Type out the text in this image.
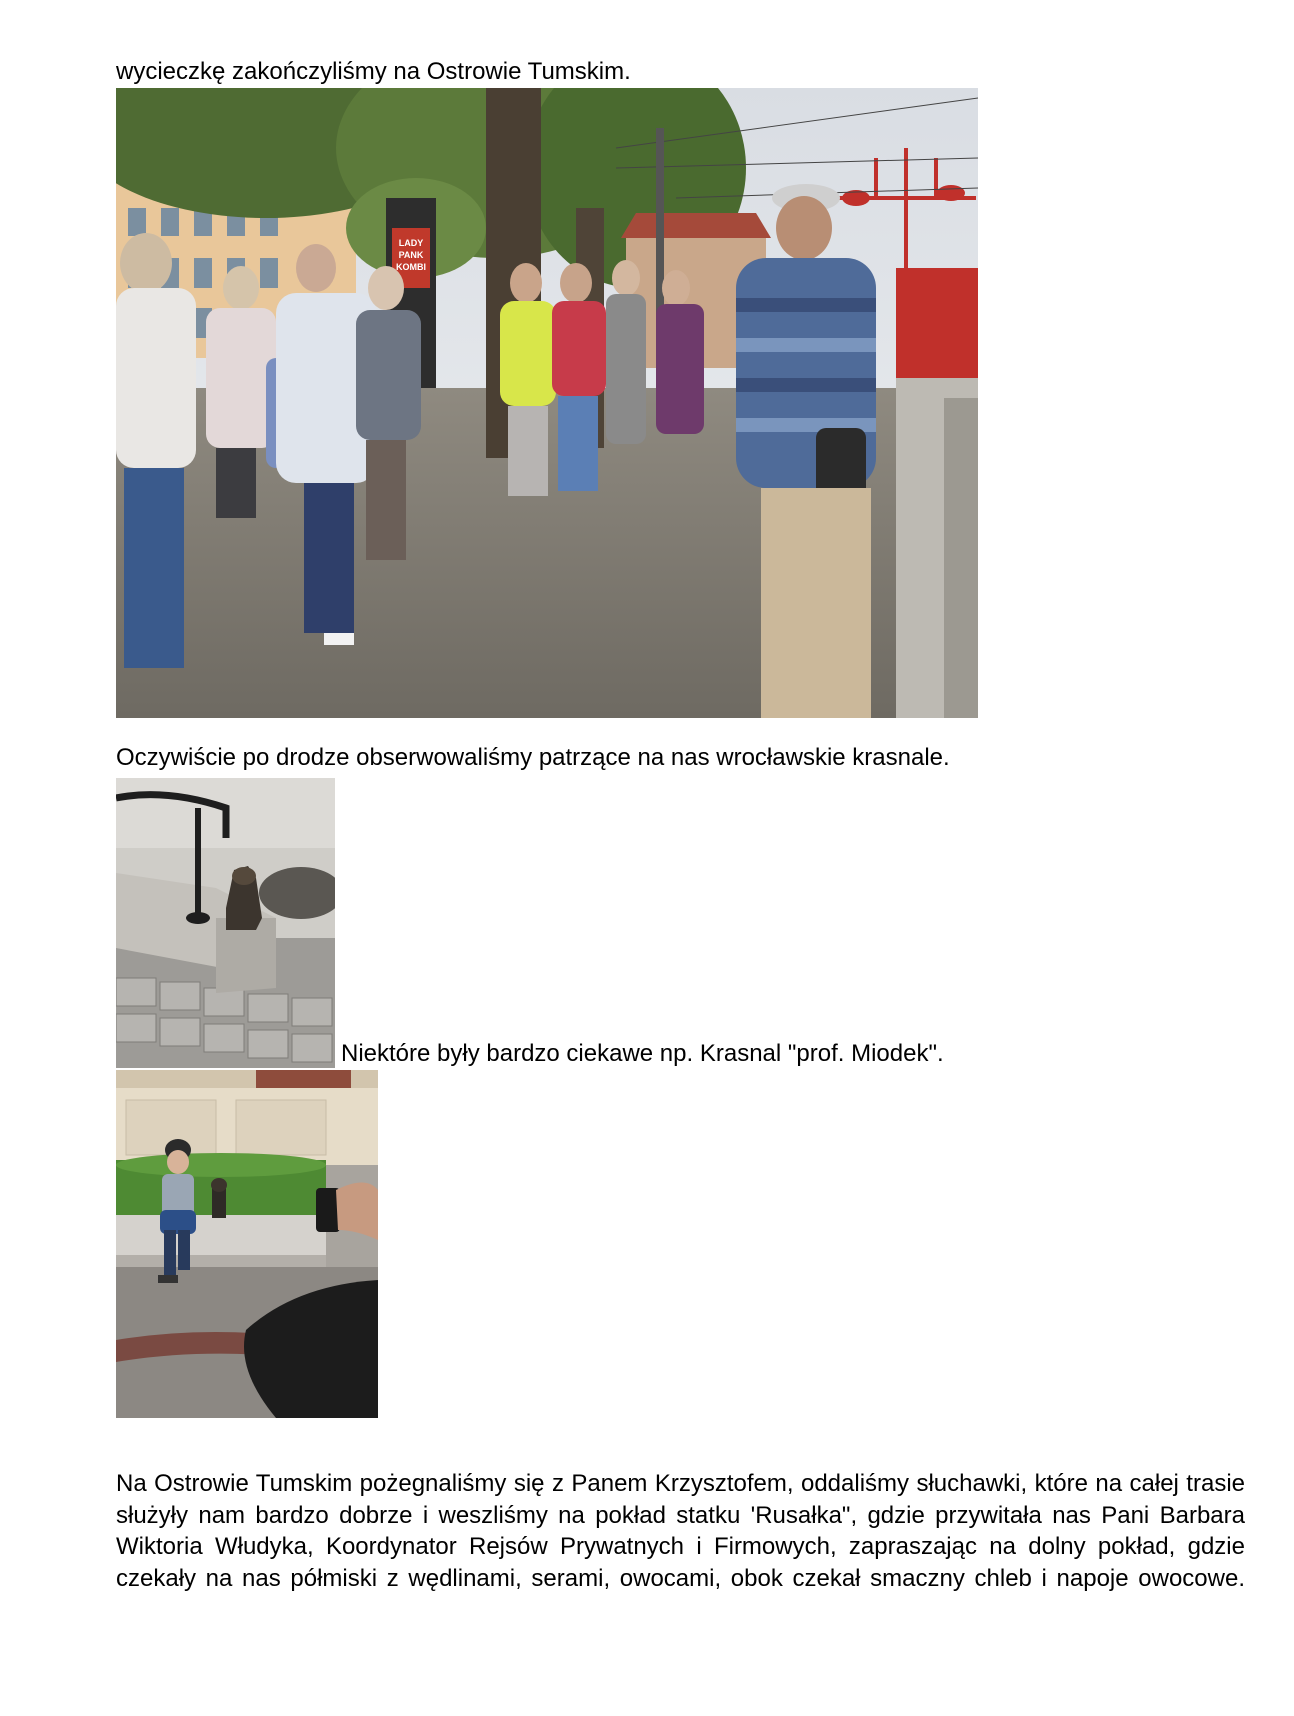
wycieczkę zakończyliśmy na Ostrowie Tumskim.
LADY
PANK
KOMBI
Oczywiście po drodze obserwowaliśmy patrzące na nas wrocławskie krasnale.
Niektóre były bardzo ciekawe np. Krasnal "prof. Miodek".
Na Ostrowie Tumskim pożegnaliśmy się z Panem Krzysztofem, oddaliśmy słuchawki, które na całej trasie służyły nam bardzo dobrze i weszliśmy na pokład statku 'Rusałka", gdzie przywitała nas Pani Barbara Wiktoria Włudyka, Koordynator Rejsów Prywatnych i Firmowych, zapraszając na dolny pokład, gdzie czekały na nas półmiski z wędlinami, serami, owocami, obok czekał smaczny chleb i napoje owocowe.
